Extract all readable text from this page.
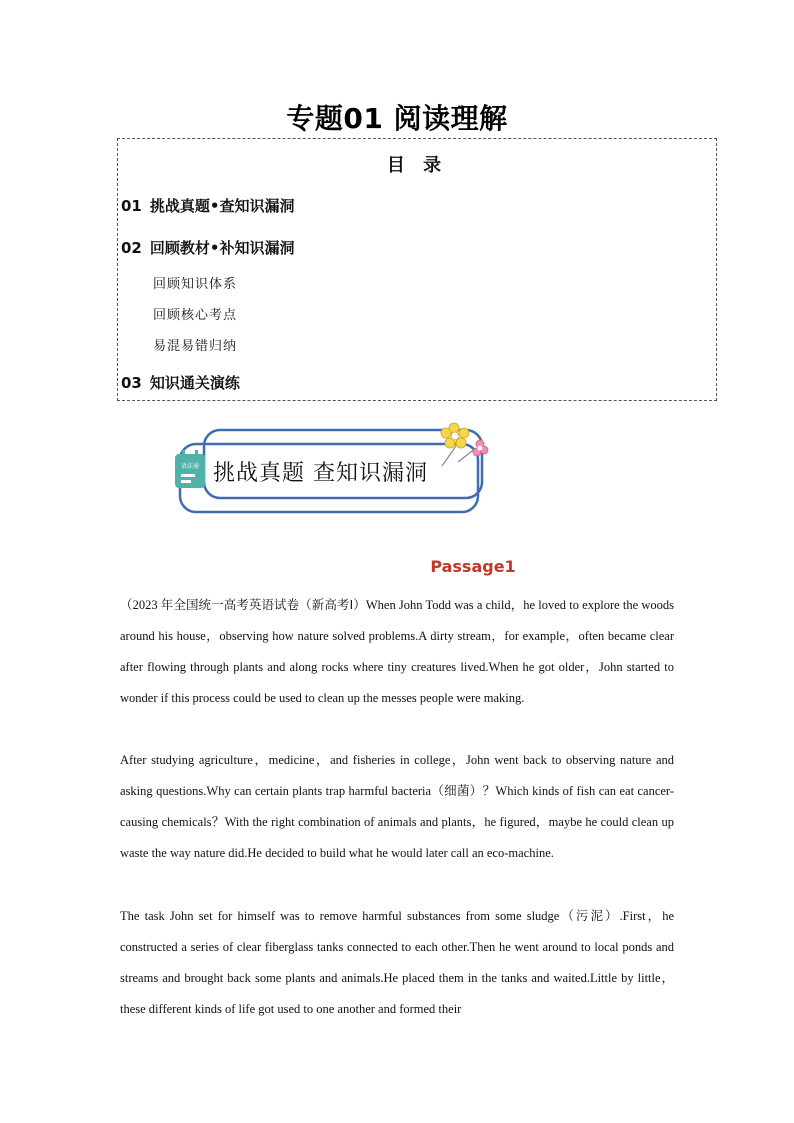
专题01 阅读理解
目 录
01 挑战真题•查知识漏洞
02 回顾教材•补知识漏洞
回顾知识体系
回顾核心考点
易混易错归纳
03 知识通关演练
语法通 挑战真题 查知识漏洞
Passage1
（2023 年全国统一高考英语试卷（新高考Ⅰ）When John Todd was a child，he loved to explore the woods around his house，observing how nature solved problems.A dirty stream，for example，often became clear after flowing through plants and along rocks where tiny creatures lived.When he got older，John started to wonder if this process could be used to clean up the messes people were making.
After studying agriculture，medicine，and fisheries in college，John went back to observing nature and asking questions.Why can certain plants trap harmful bacteria（细菌）？Which kinds of fish can eat cancer-causing chemicals？With the right combination of animals and plants，he figured，maybe he could clean up waste the way nature did.He decided to build what he would later call an eco-machine.
The task John set for himself was to remove harmful substances from some sludge（污泥）.First，he constructed a series of clear fiberglass tanks connected to each other.Then he went around to local ponds and streams and brought back some plants and animals.He placed them in the tanks and waited.Little by little，these different kinds of life got used to one another and formed their
